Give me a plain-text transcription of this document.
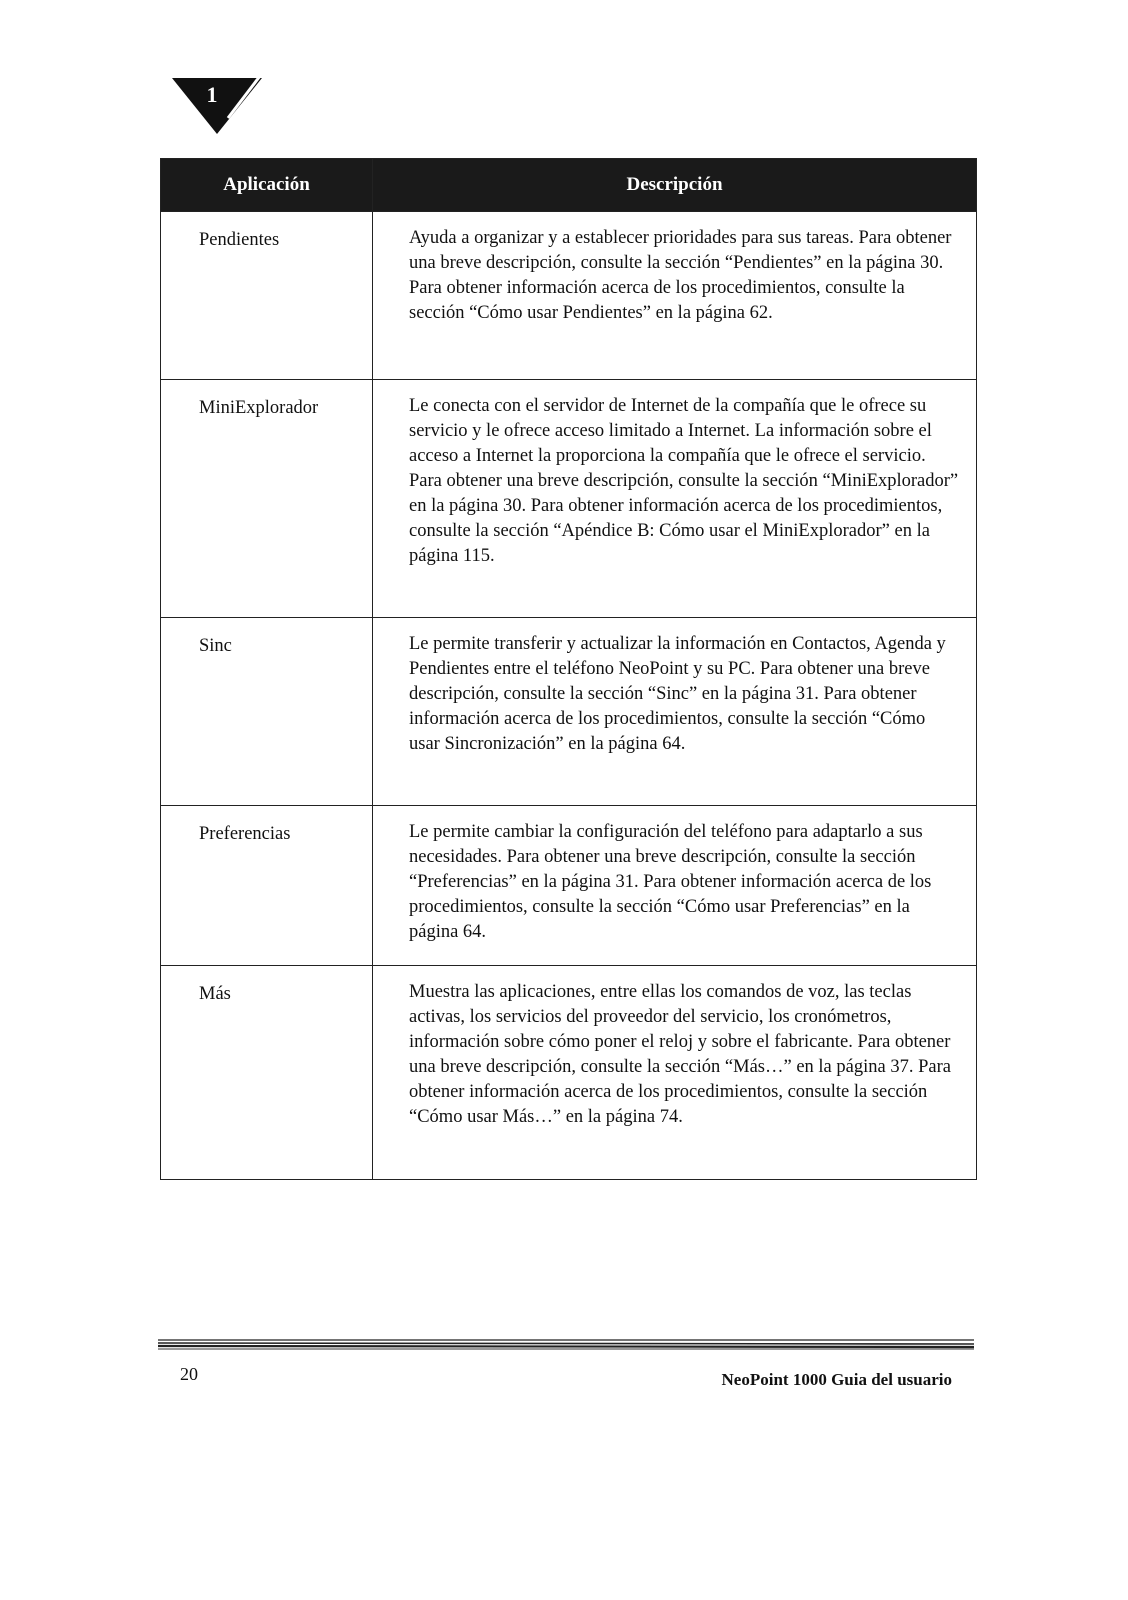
1
Aplicación	Descripción

Pendientes	Ayuda a organizar y a establecer prioridades para sus tareas. Para obtener una breve descripción, consulte la sección “Pendientes” en la página 30. Para obtener información acerca de los procedimientos, consulte la sección “Cómo usar Pendientes” en la página 62.

MiniExplorador	Le conecta con el servidor de Internet de la compañía que le ofrece su servicio y le ofrece acceso limitado a Internet. La información sobre el acceso a Internet la proporciona la compañía que le ofrece el servicio. Para obtener una breve descripción, consulte la sección “MiniExplorador” en la página 30. Para obtener información acerca de los procedimientos, consulte la sección “Apéndice B: Cómo usar el MiniExplorador” en la página 115.

Sinc	Le permite transferir y actualizar la información en Contactos, Agenda y Pendientes entre el teléfono NeoPoint y su PC. Para obtener una breve descripción, consulte la sección “Sinc” en la página 31. Para obtener información acerca de los procedimientos, consulte la sección “Cómo usar Sincronización” en la página 64.

Preferencias	Le permite cambiar la configuración del teléfono para adaptarlo a sus necesidades. Para obtener una breve descripción, consulte la sección “Preferencias” en la página 31. Para obtener información acerca de los procedimientos, consulte la sección “Cómo usar Preferencias” en la página 64.

Más	Muestra las aplicaciones, entre ellas los comandos de voz, las teclas activas, los servicios del proveedor del servicio, los cronómetros, información sobre cómo poner el reloj y sobre el fabricante. Para obtener una breve descripción, consulte la sección “Más…” en la página 37. Para obtener información acerca de los procedimientos, consulte la sección “Cómo usar Más…” en la página 74.
20	NeoPoint 1000 Guia del usuario
